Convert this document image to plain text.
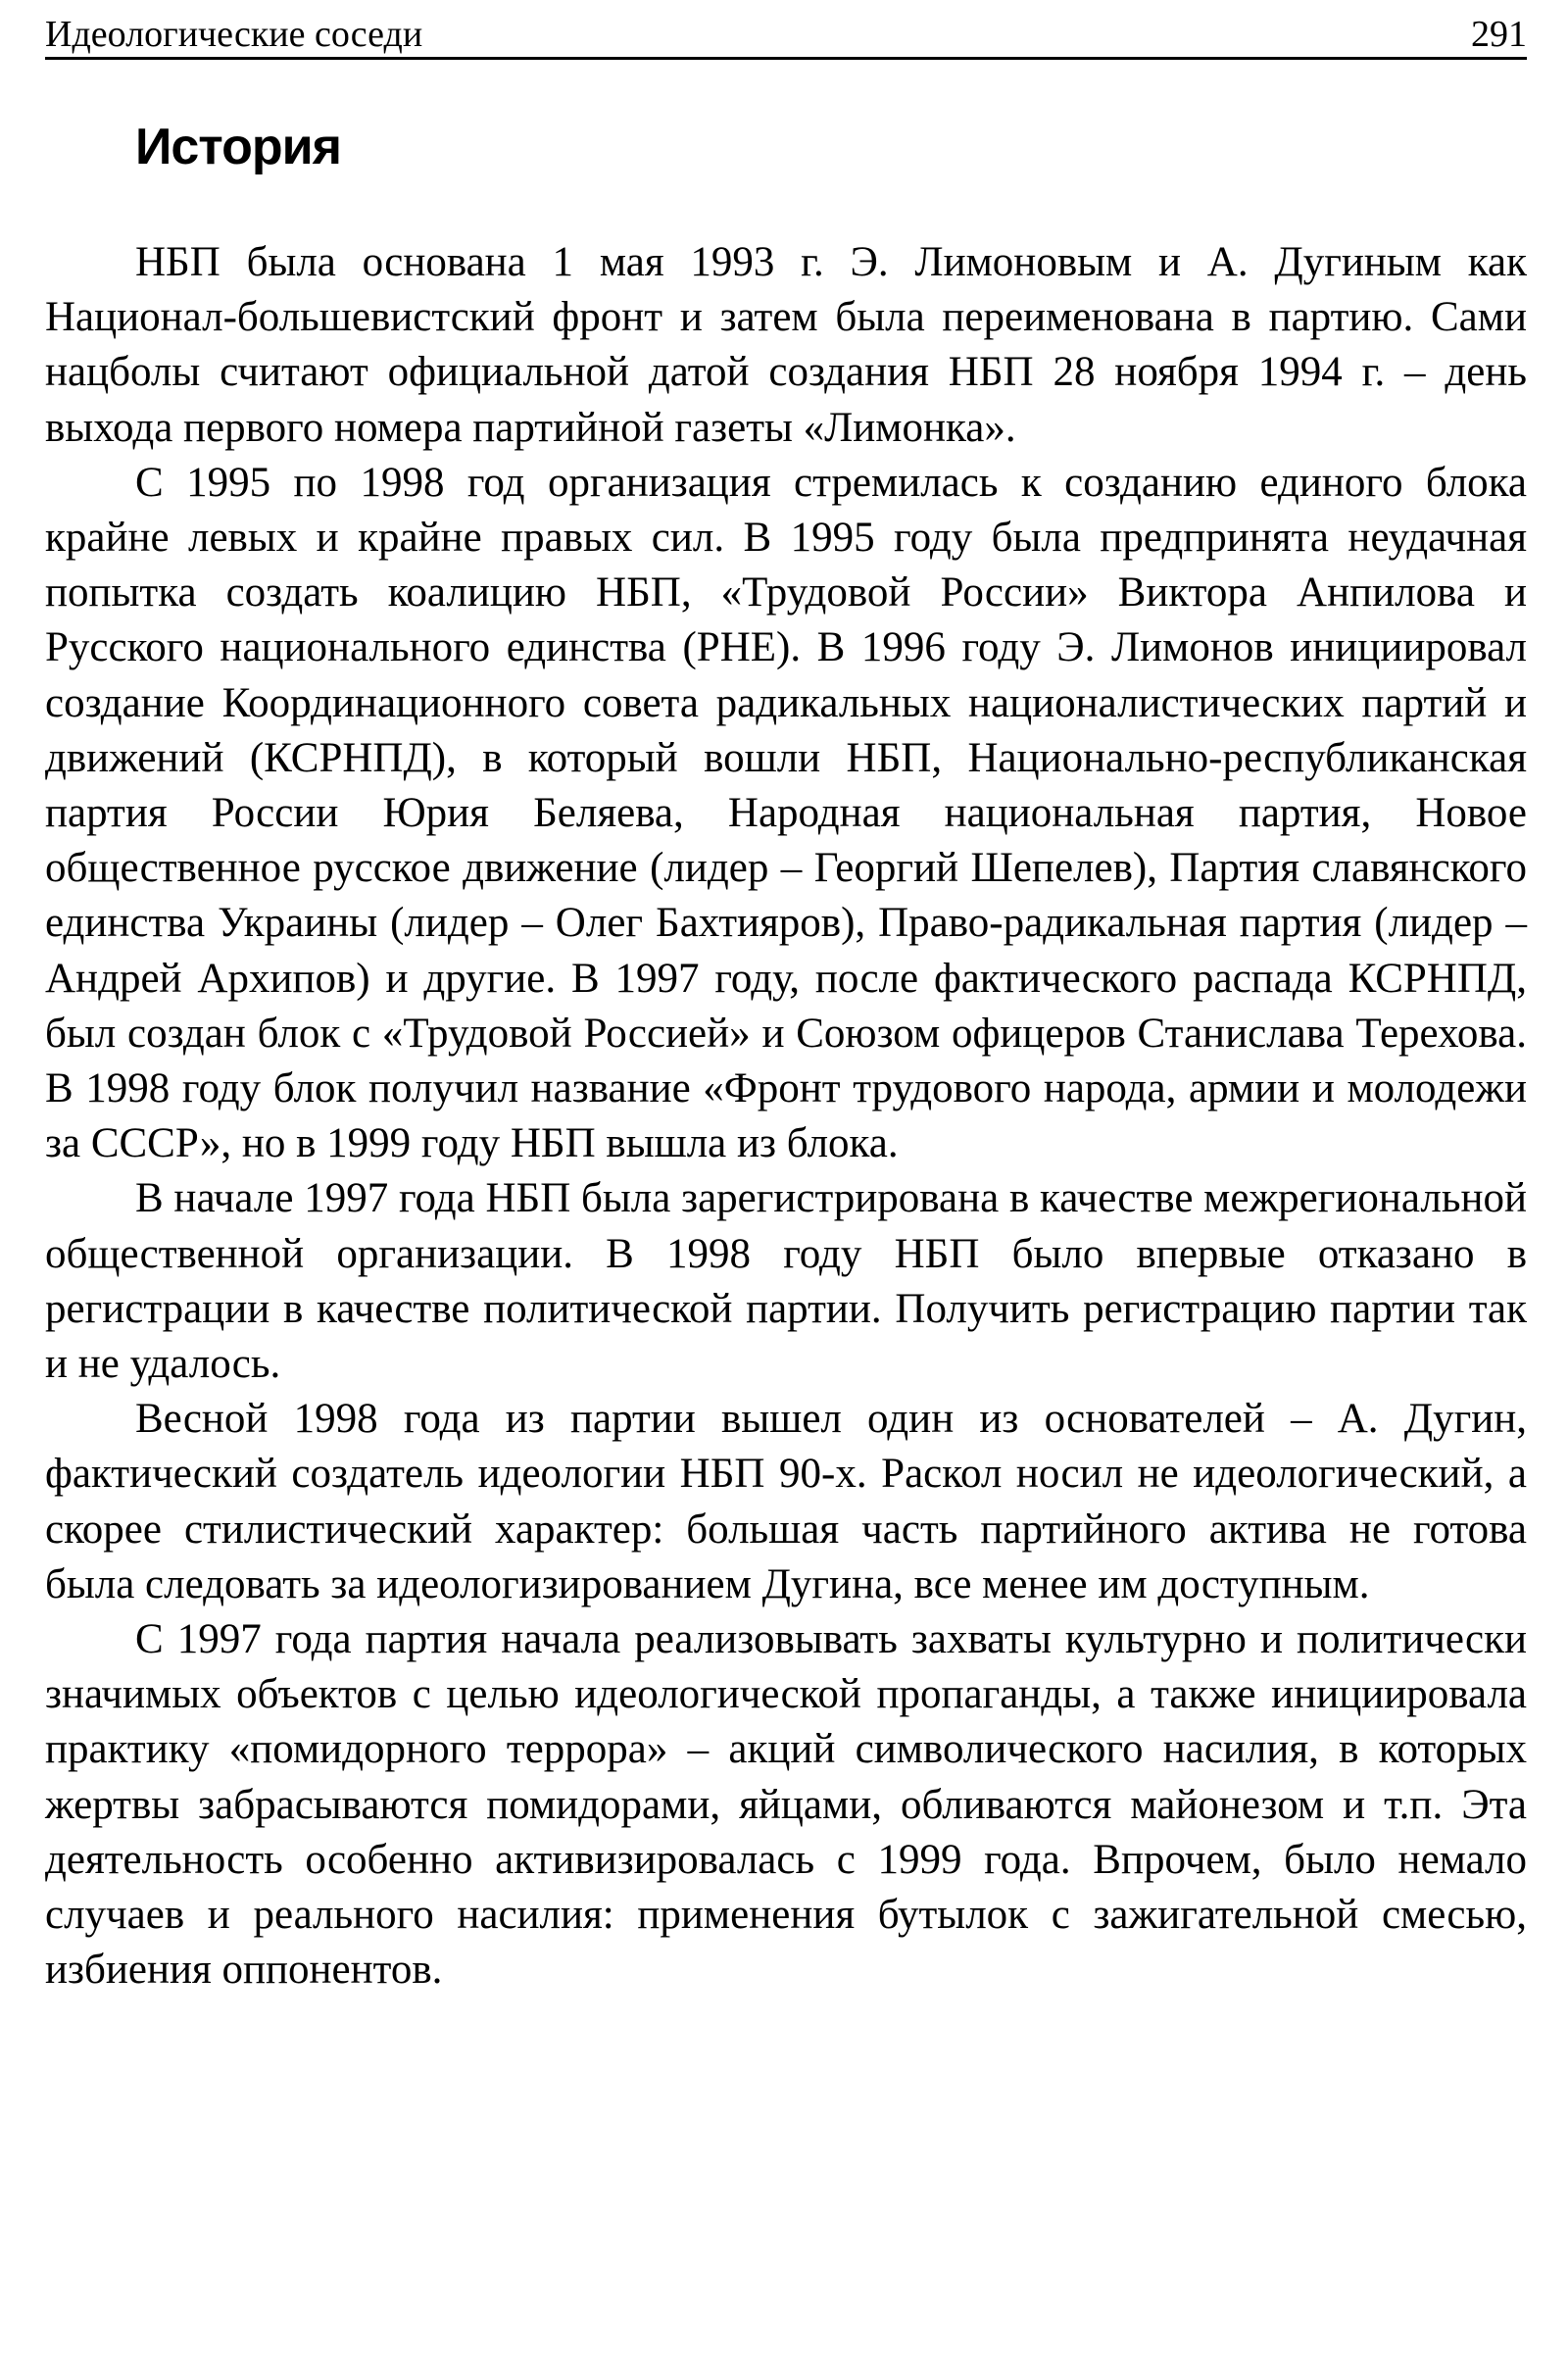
Идеологические соседи	291
История

НБП была основана 1 мая 1993 г. Э. Лимоновым и А. Дугиным как Национал-большевистский фронт и затем была переименована в партию. Сами нацболы считают официальной датой создания НБП 28 ноября 1994 г. – день выхода первого номера партийной газеты «Лимонка».

С 1995 по 1998 год организация стремилась к созданию единого блока крайне левых и крайне правых сил. В 1995 году была предпринята неудачная попытка создать коалицию НБП, «Трудовой России» Виктора Анпилова и Русского национального единства (РНЕ). В 1996 году Э. Лимонов инициировал создание Координационного совета радикальных националистических партий и движений (КСРНПД), в который вошли НБП, Национально-республиканская партия России Юрия Беляева, Народная национальная партия, Новое общественное русское движение (лидер – Георгий Шепелев), Партия славянского единства Украины (лидер – Олег Бахтияров), Право-радикальная партия (лидер – Андрей Архипов) и другие. В 1997 году, после фактического распада КСРНПД, был создан блок с «Трудовой Россией» и Союзом офицеров Станислава Терехова. В 1998 году блок получил название «Фронт трудового народа, армии и молодежи за СССР», но в 1999 году НБП вышла из блока.

В начале 1997 года НБП была зарегистрирована в качестве межрегиональной общественной организации. В 1998 году НБП было впервые отказано в регистрации в качестве политической партии. Получить регистрацию партии так и не удалось.

Весной 1998 года из партии вышел один из основателей – А. Дугин, фактический создатель идеологии НБП 90-х. Раскол носил не идеологический, а скорее стилистический характер: большая часть партийного актива не готова была следовать за идеологизированием Дугина, все менее им доступным.

С 1997 года партия начала реализовывать захваты культурно и политически значимых объектов с целью идеологической пропаганды, а также инициировала практику «помидорного террора» – акций символического насилия, в которых жертвы забрасываются помидорами, яйцами, обливаются майонезом и т.п. Эта деятельность особенно активизировалась с 1999 года. Впрочем, было немало случаев и реального насилия: применения бутылок с зажигательной смесью, избиения оппонентов.
